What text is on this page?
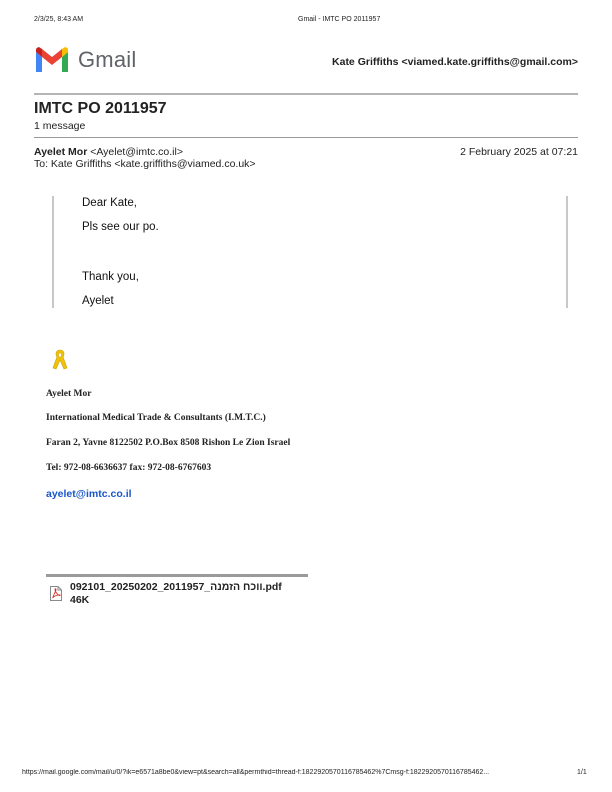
2/3/25, 8:43 AM	Gmail - IMTC PO 2011957
Gmail	Kate Griffiths <viamed.kate.griffiths@gmail.com>
IMTC PO 2011957
1 message
Ayelet Mor <Ayelet@imtc.co.il>
To: Kate Griffiths <kate.griffiths@viamed.co.uk>
2 February 2025 at 07:21
Dear Kate,
Pls see our po.
Thank you,
Ayelet
Ayelet Mor
International Medical Trade & Consultants (I.M.T.C.)
Faran 2, Yavne 8122502 P.O.Box 8508 Rishon Le Zion Israel
Tel: 972-08-6636637 fax: 972-08-6767603
ayelet@imtc.co.il
092101_20250202_2011957_ווכח הזמנה.pdf
46K
https://mail.google.com/mail/u/0/?ik=e6571a8be0&view=pt&search=all&permthid=thread-f:1822920570116785462%7Cmsg-f:1822920570116785462...	1/1
